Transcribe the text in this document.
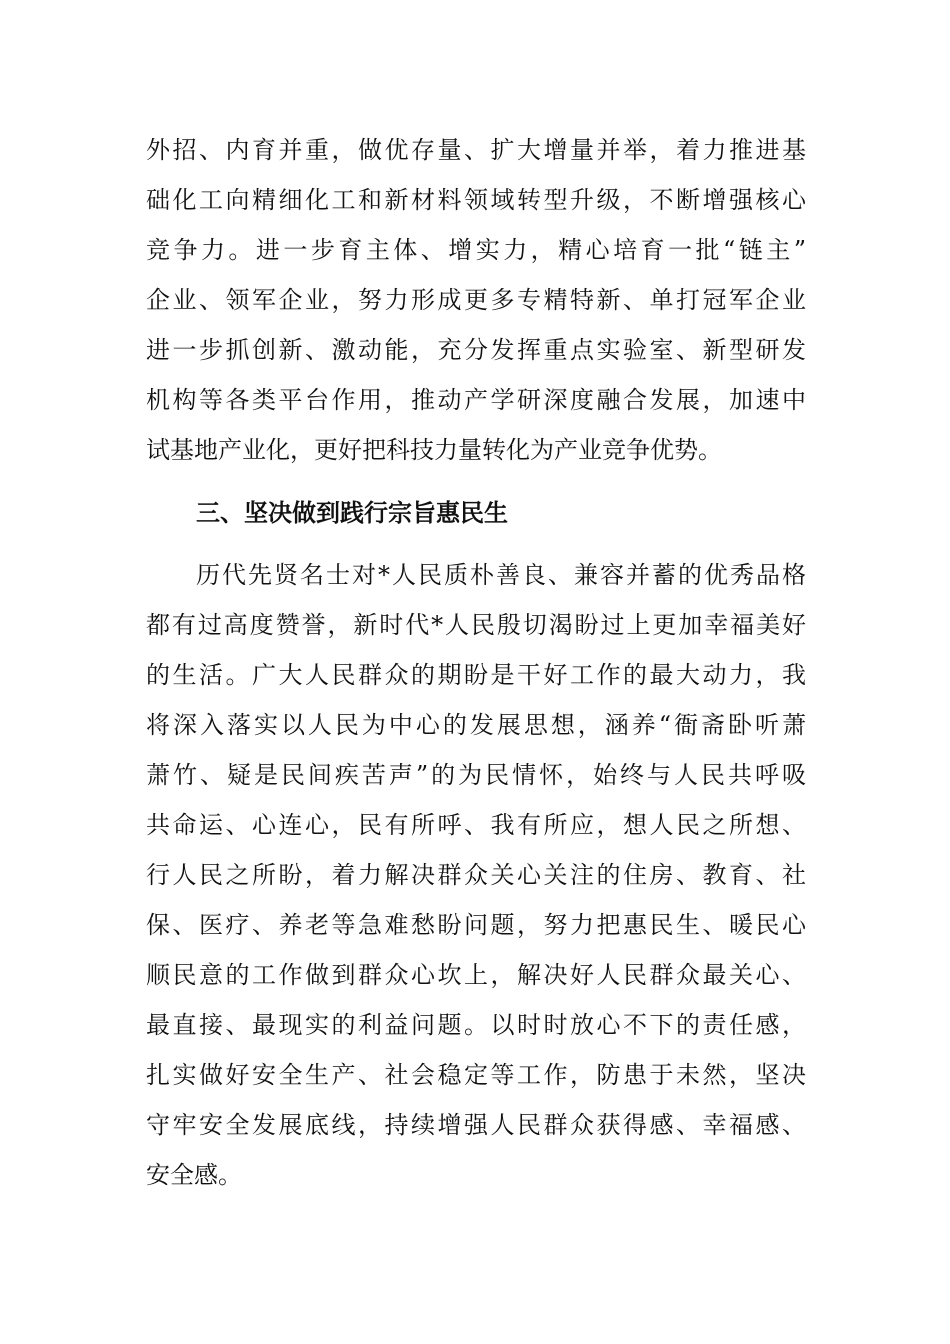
外招、内育并重，做优存量、扩大增量并举，着力推进基
础化工向精细化工和新材料领域转型升级，不断增强核心
竞争力。进一步育主体、增实力，精心培育一批“链主”
企业、领军企业，努力形成更多专精特新、单打冠军企业
进一步抓创新、激动能，充分发挥重点实验室、新型研发
机构等各类平台作用，推动产学研深度融合发展，加速中
试基地产业化，更好把科技力量转化为产业竞争优势。
三、坚决做到践行宗旨惠民生
历代先贤名士对*人民质朴善良、兼容并蓄的优秀品格
都有过高度赞誉，新时代*人民殷切渴盼过上更加幸福美好
的生活。广大人民群众的期盼是干好工作的最大动力，我
将深入落实以人民为中心的发展思想，涵养“衙斋卧听萧
萧竹、疑是民间疾苦声”的为民情怀，始终与人民共呼吸
共命运、心连心，民有所呼、我有所应，想人民之所想、
行人民之所盼，着力解决群众关心关注的住房、教育、社
保、医疗、养老等急难愁盼问题，努力把惠民生、暖民心
顺民意的工作做到群众心坎上，解决好人民群众最关心、
最直接、最现实的利益问题。以时时放心不下的责任感，
扎实做好安全生产、社会稳定等工作，防患于未然，坚决
守牢安全发展底线，持续增强人民群众获得感、幸福感、
安全感。
